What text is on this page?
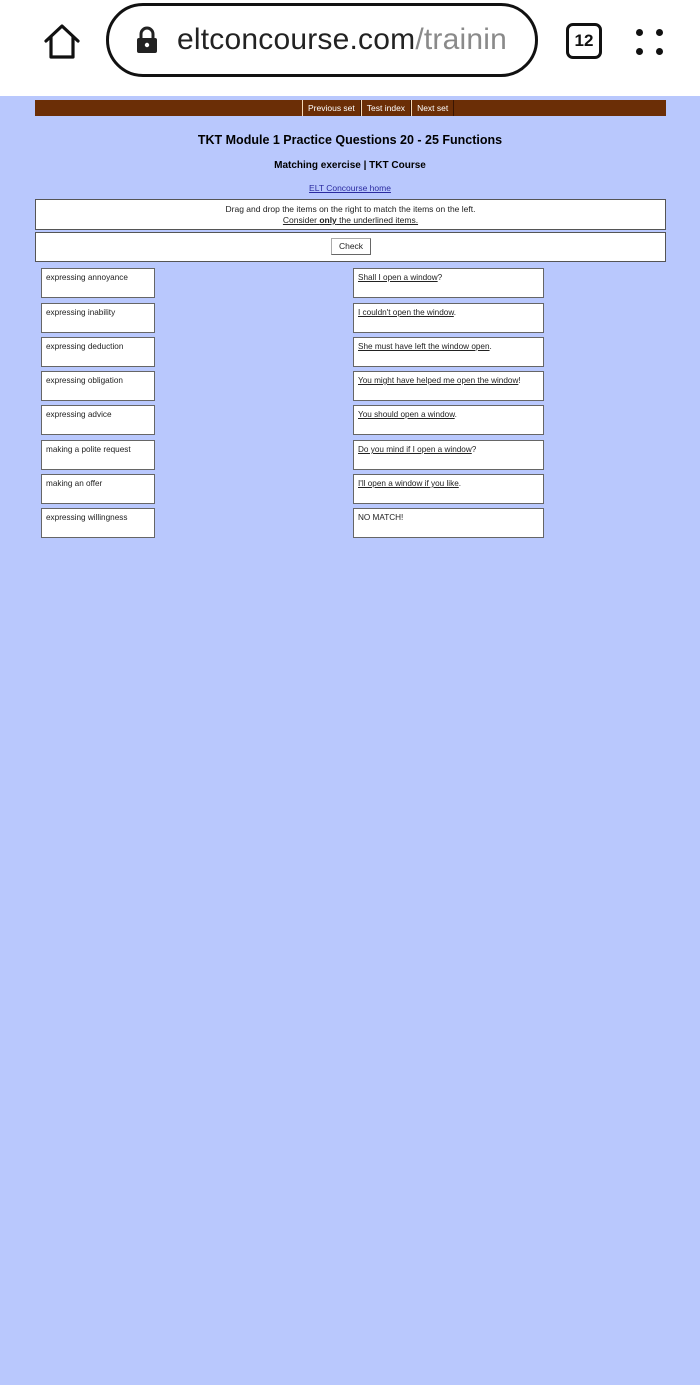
eltconcourse.com/trainin	12
Previous set	Test index	Next set
TKT Module 1 Practice Questions 20 - 25 Functions
Matching exercise | TKT Course
ELT Concourse home
Drag and drop the items on the right to match the items on the left.
Consider only the underlined items.
Check
expressing annoyance
expressing inability
expressing deduction
expressing obligation
expressing advice
making a polite request
making an offer
expressing willingness
Shall I open a window?
I couldn't open the window.
She must have left the window open.
You might have helped me open the window!
You should open a window.
Do you mind if I open a window?
I'll open a window if you like.
NO MATCH!
